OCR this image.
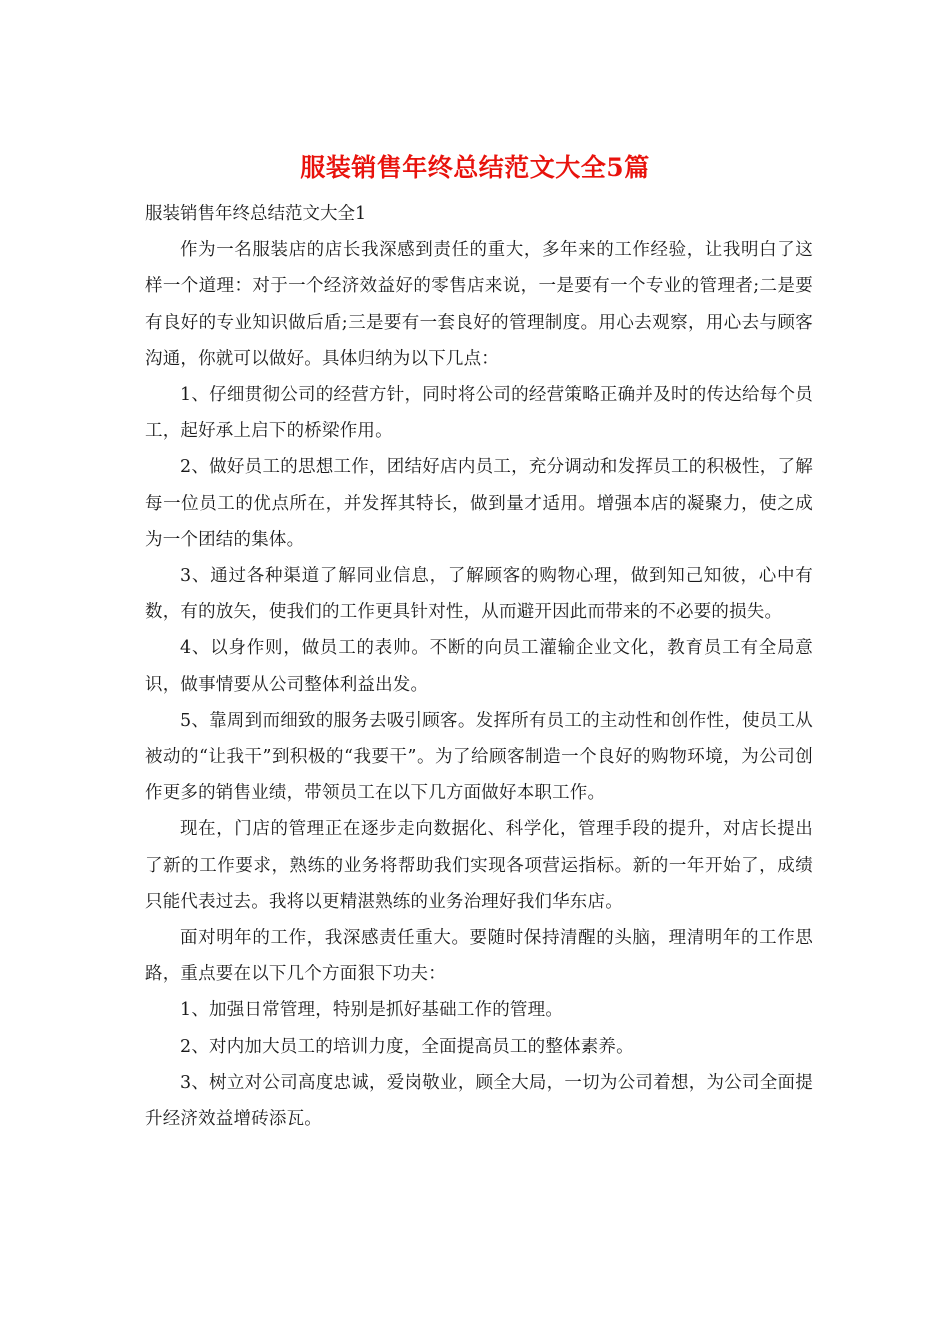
服装销售年终总结范文大全5篇
服装销售年终总结范文大全1

作为一名服装店的店长我深感到责任的重大，多年来的工作经验，让我明白了这样一个道理：对于一个经济效益好的零售店来说，一是要有一个专业的管理者;二是要有良好的专业知识做后盾;三是要有一套良好的管理制度。用心去观察，用心去与顾客沟通，你就可以做好。具体归纳为以下几点：

1、仔细贯彻公司的经营方针，同时将公司的经营策略正确并及时的传达给每个员工，起好承上启下的桥梁作用。

2、做好员工的思想工作，团结好店内员工，充分调动和发挥员工的积极性，了解每一位员工的优点所在，并发挥其特长，做到量才适用。增强本店的凝聚力，使之成为一个团结的集体。

3、通过各种渠道了解同业信息，了解顾客的购物心理，做到知己知彼，心中有数，有的放矢，使我们的工作更具针对性，从而避开因此而带来的不必要的损失。

4、以身作则，做员工的表帅。不断的向员工灌输企业文化，教育员工有全局意识，做事情要从公司整体利益出发。

5、靠周到而细致的服务去吸引顾客。发挥所有员工的主动性和创作性，使员工从被动的“让我干”到积极的“我要干”。为了给顾客制造一个良好的购物环境，为公司创作更多的销售业绩，带领员工在以下几方面做好本职工作。

现在，门店的管理正在逐步走向数据化、科学化，管理手段的提升，对店长提出了新的工作要求，熟练的业务将帮助我们实现各项营运指标。新的一年开始了，成绩只能代表过去。我将以更精湛熟练的业务治理好我们华东店。

面对明年的工作，我深感责任重大。要随时保持清醒的头脑，理清明年的工作思路，重点要在以下几个方面狠下功夫：

1、加强日常管理，特别是抓好基础工作的管理。

2、对内加大员工的培训力度，全面提高员工的整体素养。

3、树立对公司高度忠诚，爱岗敬业，顾全大局，一切为公司着想，为公司全面提升经济效益增砖添瓦。
